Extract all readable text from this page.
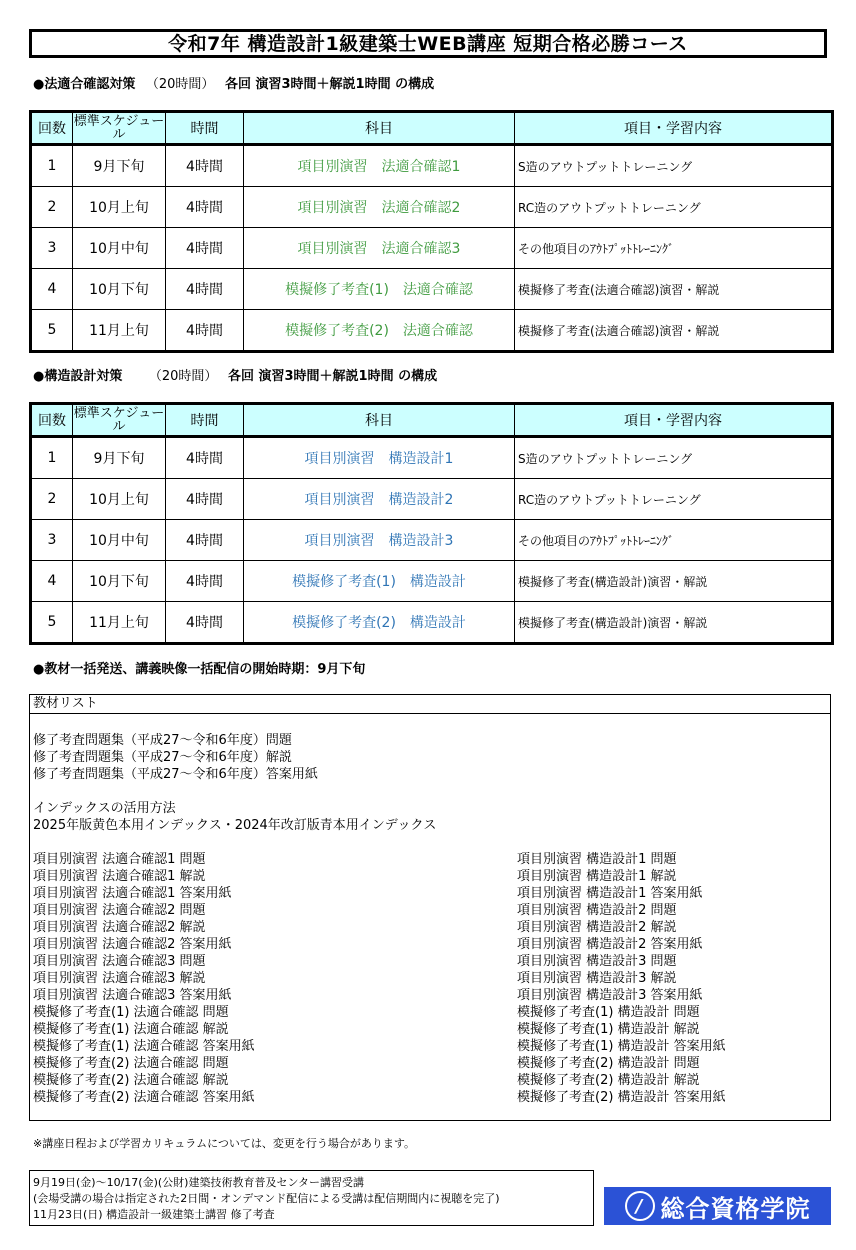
令和7年 構造設計1級建築士WEB講座 短期合格必勝コース
●法適合確認対策 （20時間） 各回 演習3時間＋解説1時間 の構成
回数	標準スケジュール	時間	科目	項目・学習内容
1	9月下旬	4時間	項目別演習　法適合確認1	S造のアウトプットトレーニング
2	10月上旬	4時間	項目別演習　法適合確認2	RC造のアウトプットトレーニング
3	10月中旬	4時間	項目別演習　法適合確認3	その他項目のｱｳﾄﾌﾟｯﾄﾄﾚｰﾆﾝｸﾞ
4	10月下旬	4時間	模擬修了考査(1)　法適合確認	模擬修了考査(法適合確認)演習・解説
5	11月上旬	4時間	模擬修了考査(2)　法適合確認	模擬修了考査(法適合確認)演習・解説
●構造設計対策 （20時間） 各回 演習3時間＋解説1時間 の構成
回数	標準スケジュール	時間	科目	項目・学習内容
1	9月下旬	4時間	項目別演習　構造設計1	S造のアウトプットトレーニング
2	10月上旬	4時間	項目別演習　構造設計2	RC造のアウトプットトレーニング
3	10月中旬	4時間	項目別演習　構造設計3	その他項目のｱｳﾄﾌﾟｯﾄﾄﾚｰﾆﾝｸﾞ
4	10月下旬	4時間	模擬修了考査(1)　構造設計	模擬修了考査(構造設計)演習・解説
5	11月上旬	4時間	模擬修了考査(2)　構造設計	模擬修了考査(構造設計)演習・解説
●教材一括発送、講義映像一括配信の開始時期：9月下旬
教材リスト
修了考査問題集（平成27～令和6年度）問題
修了考査問題集（平成27～令和6年度）解説
修了考査問題集（平成27～令和6年度）答案用紙
インデックスの活用方法
2025年版黄色本用インデックス・2024年改訂版青本用インデックス
項目別演習 法適合確認1 問題
項目別演習 法適合確認1 解説
項目別演習 法適合確認1 答案用紙
項目別演習 法適合確認2 問題
項目別演習 法適合確認2 解説
項目別演習 法適合確認2 答案用紙
項目別演習 法適合確認3 問題
項目別演習 法適合確認3 解説
項目別演習 法適合確認3 答案用紙
模擬修了考査(1) 法適合確認 問題
模擬修了考査(1) 法適合確認 解説
模擬修了考査(1) 法適合確認 答案用紙
模擬修了考査(2) 法適合確認 問題
模擬修了考査(2) 法適合確認 解説
模擬修了考査(2) 法適合確認 答案用紙
項目別演習 構造設計1 問題
項目別演習 構造設計1 解説
項目別演習 構造設計1 答案用紙
項目別演習 構造設計2 問題
項目別演習 構造設計2 解説
項目別演習 構造設計2 答案用紙
項目別演習 構造設計3 問題
項目別演習 構造設計3 解説
項目別演習 構造設計3 答案用紙
模擬修了考査(1) 構造設計 問題
模擬修了考査(1) 構造設計 解説
模擬修了考査(1) 構造設計 答案用紙
模擬修了考査(2) 構造設計 問題
模擬修了考査(2) 構造設計 解説
模擬修了考査(2) 構造設計 答案用紙
※講座日程および学習カリキュラムについては、変更を行う場合があります。
9月19日(金)～10/17(金)(公財)建築技術教育普及センター講習受講
(会場受講の場合は指定された2日間・オンデマンド配信による受講は配信期間内に視聴を完了)
11月23日(日) 構造設計一級建築士講習 修了考査	/ 総合資格学院
